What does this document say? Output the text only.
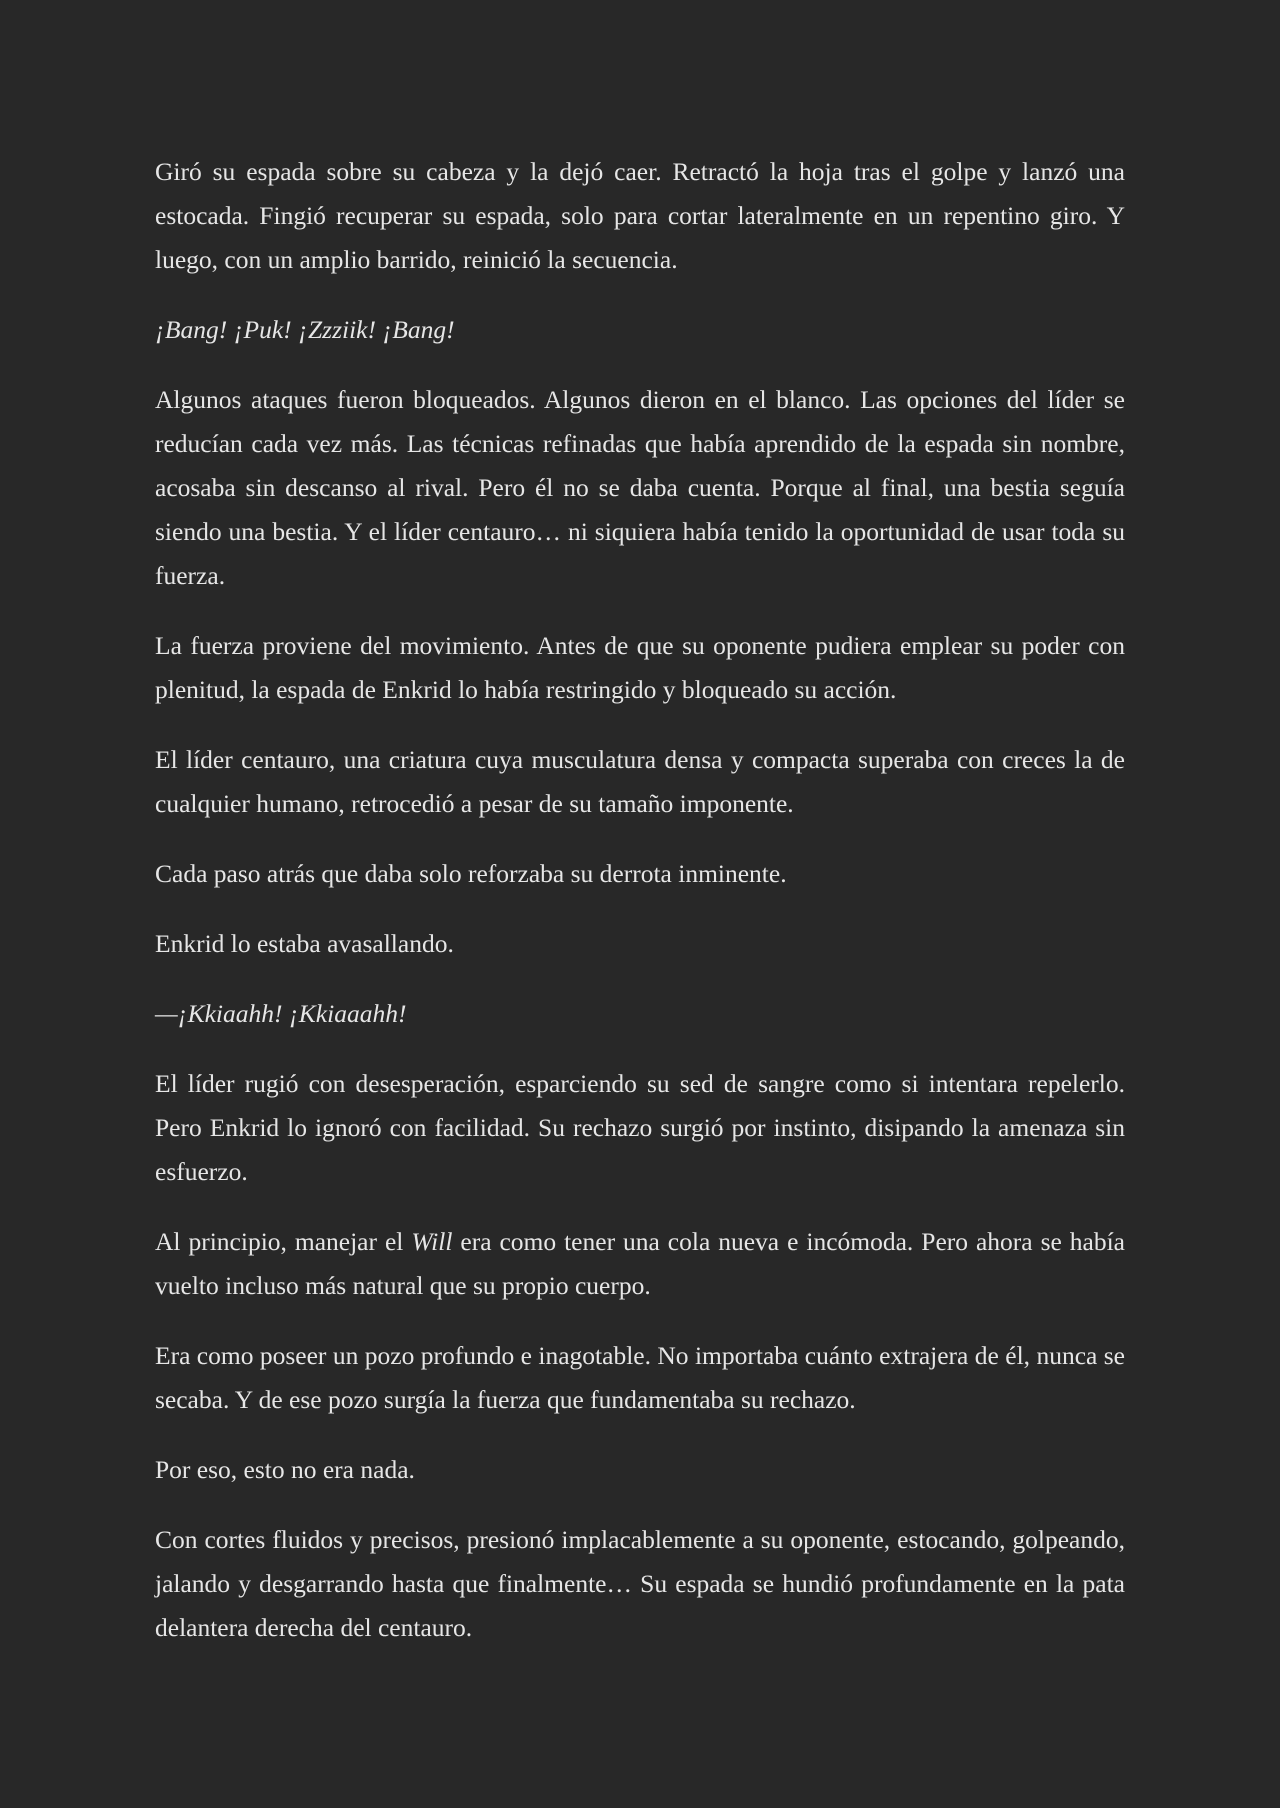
Giró su espada sobre su cabeza y la dejó caer. Retractó la hoja tras el golpe y lanzó una estocada. Fingió recuperar su espada, solo para cortar lateralmente en un repentino giro. Y luego, con un amplio barrido, reinició la secuencia.

¡Bang! ¡Puk! ¡Zzziik! ¡Bang!

Algunos ataques fueron bloqueados. Algunos dieron en el blanco. Las opciones del líder se reducían cada vez más. Las técnicas refinadas que había aprendido de la espada sin nombre, acosaba sin descanso al rival. Pero él no se daba cuenta. Porque al final, una bestia seguía siendo una bestia. Y el líder centauro… ni siquiera había tenido la oportunidad de usar toda su fuerza.

La fuerza proviene del movimiento. Antes de que su oponente pudiera emplear su poder con plenitud, la espada de Enkrid lo había restringido y bloqueado su acción.

El líder centauro, una criatura cuya musculatura densa y compacta superaba con creces la de cualquier humano, retrocedió a pesar de su tamaño imponente.

Cada paso atrás que daba solo reforzaba su derrota inminente.

Enkrid lo estaba avasallando.

—¡Kkiaahh! ¡Kkiaaahh!

El líder rugió con desesperación, esparciendo su sed de sangre como si intentara repelerlo. Pero Enkrid lo ignoró con facilidad. Su rechazo surgió por instinto, disipando la amenaza sin esfuerzo.

Al principio, manejar el Will era como tener una cola nueva e incómoda. Pero ahora se había vuelto incluso más natural que su propio cuerpo.

Era como poseer un pozo profundo e inagotable. No importaba cuánto extrajera de él, nunca se secaba. Y de ese pozo surgía la fuerza que fundamentaba su rechazo.

Por eso, esto no era nada.

Con cortes fluidos y precisos, presionó implacablemente a su oponente, estocando, golpeando, jalando y desgarrando hasta que finalmente… Su espada se hundió profundamente en la pata delantera derecha del centauro.
